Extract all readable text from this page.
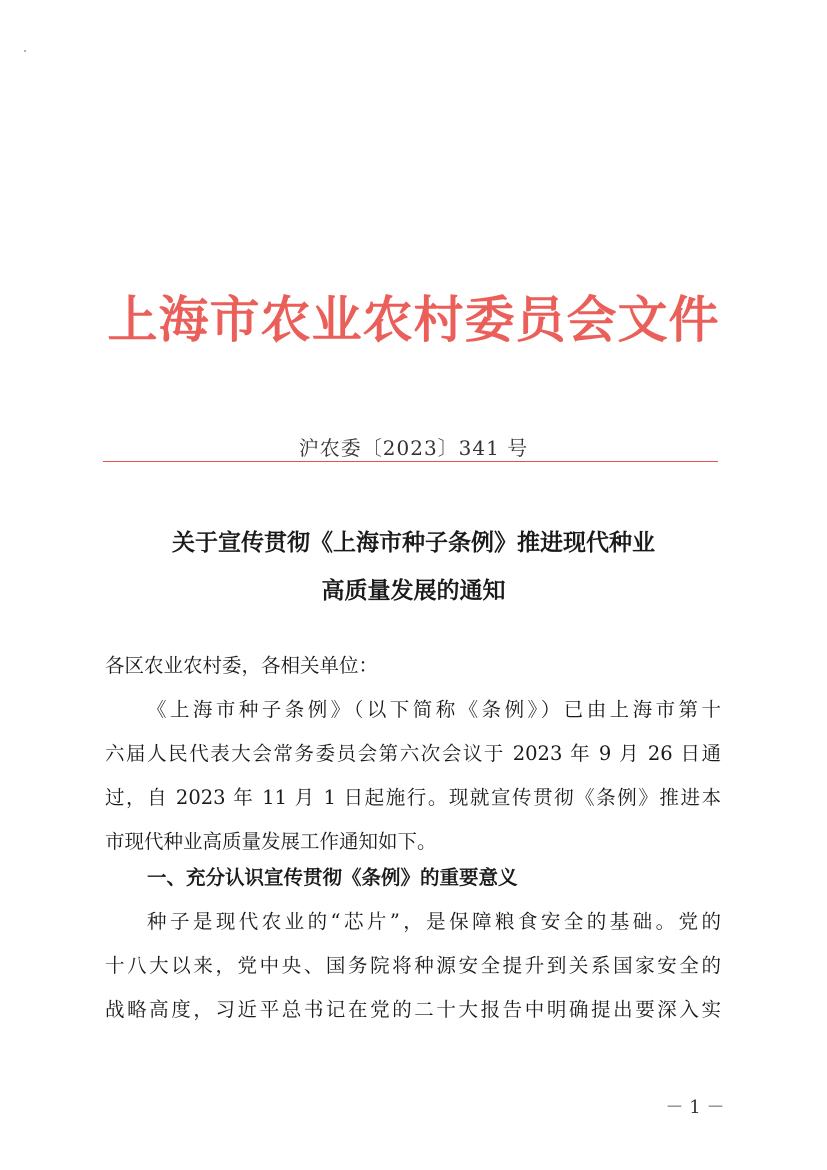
上海市农业农村委员会文件
沪农委〔2023〕341 号
关于宣传贯彻《上海市种子条例》推进现代种业
高质量发展的通知
各区农业农村委，各相关单位：
《上海市种子条例》（以下简称《条例》）已由上海市第十
六届人民代表大会常务委员会第六次会议于 2023 年 9 月 26 日通
过，自 2023 年 11 月 1 日起施行。现就宣传贯彻《条例》推进本
市现代种业高质量发展工作通知如下。
一、充分认识宣传贯彻《条例》的重要意义
种子是现代农业的“芯片”，是保障粮食安全的基础。党的
十八大以来，党中央、国务院将种源安全提升到关系国家安全的
战略高度，习近平总书记在党的二十大报告中明确提出要深入实
－ 1 －
